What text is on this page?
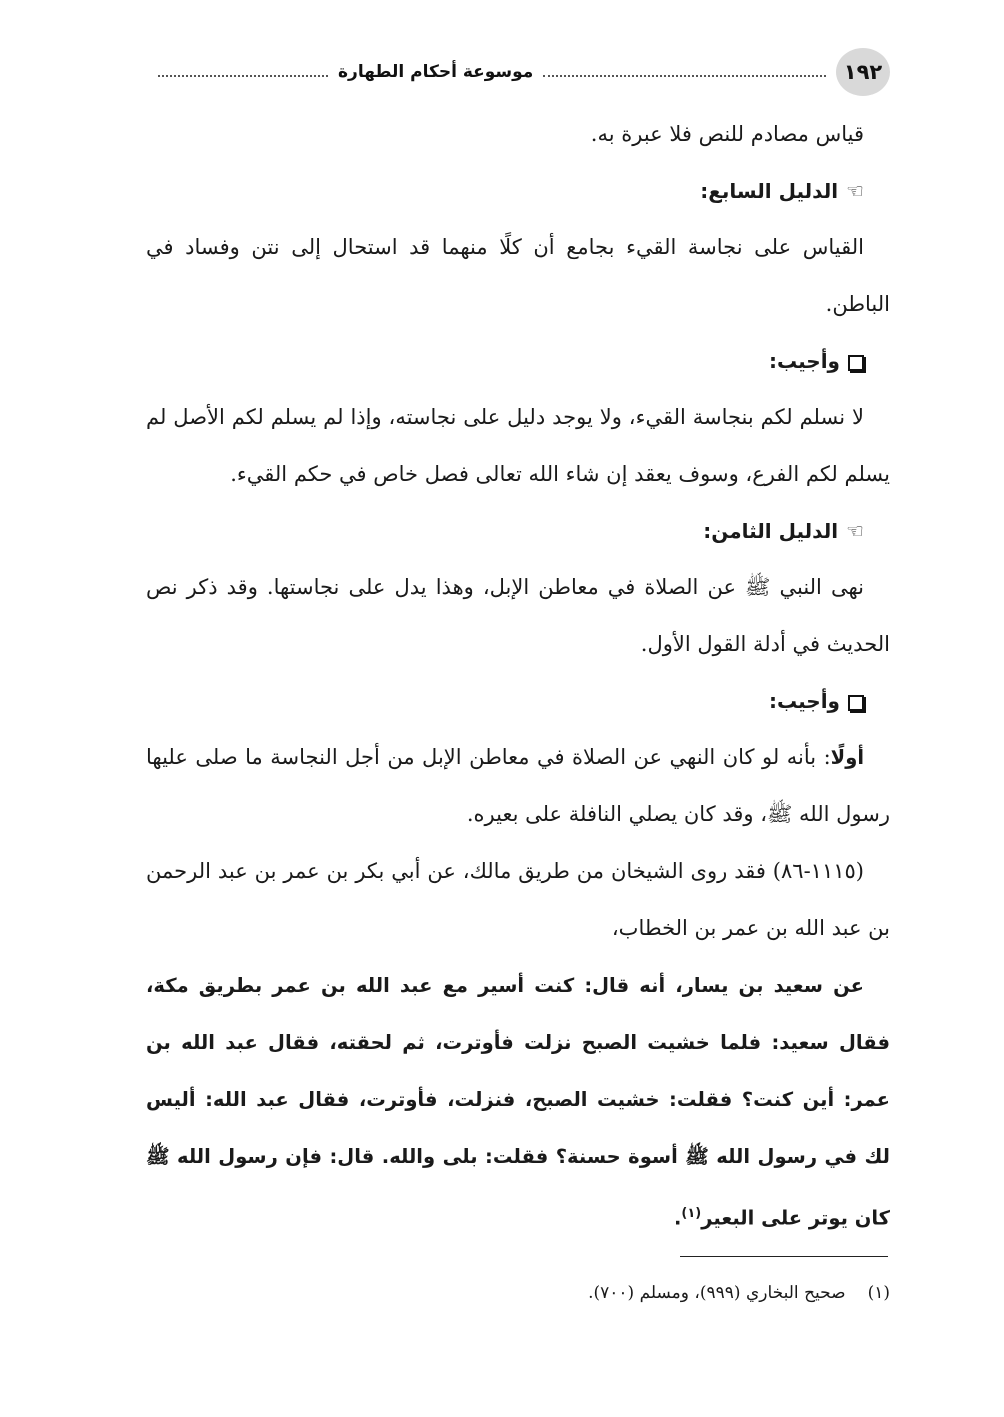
١٩٢
موسوعة أحكام الطهارة

قياس مصادم للنص فلا عبرة به.

☜الدليل السابع:

القياس على نجاسة القيء بجامع أن كلًا منهما قد استحال إلى نتن وفساد في الباطن.

وأجيب:

لا نسلم لكم بنجاسة القيء، ولا يوجد دليل على نجاسته، وإذا لم يسلم لكم الأصل لم يسلم لكم الفرع، وسوف يعقد إن شاء الله تعالى فصل خاص في حكم القيء.

☜الدليل الثامن:

نهى النبي ﷺ عن الصلاة في معاطن الإبل، وهذا يدل على نجاستها. وقد ذكر نص الحديث في أدلة القول الأول.

وأجيب:

أولًا: بأنه لو كان النهي عن الصلاة في معاطن الإبل من أجل النجاسة ما صلى عليها رسول الله ﷺ، وقد كان يصلي النافلة على بعيره.

(١١١٥-٨٦) فقد روى الشيخان من طريق مالك، عن أبي بكر بن عمر بن عبد الرحمن بن عبد الله بن عمر بن الخطاب،

عن سعيد بن يسار، أنه قال: كنت أسير مع عبد الله بن عمر بطريق مكة، فقال سعيد: فلما خشيت الصبح نزلت فأوترت، ثم لحقته، فقال عبد الله بن عمر: أين كنت؟ فقلت: خشيت الصبح، فنزلت، فأوترت، فقال عبد الله: أليس لك في رسول الله ﷺ أسوة حسنة؟ فقلت: بلى والله. قال: فإن رسول الله ﷺ كان يوتر على البعير$^{(١)}$.

(١)صحيح البخاري (٩٩٩)، ومسلم (٧٠٠).
